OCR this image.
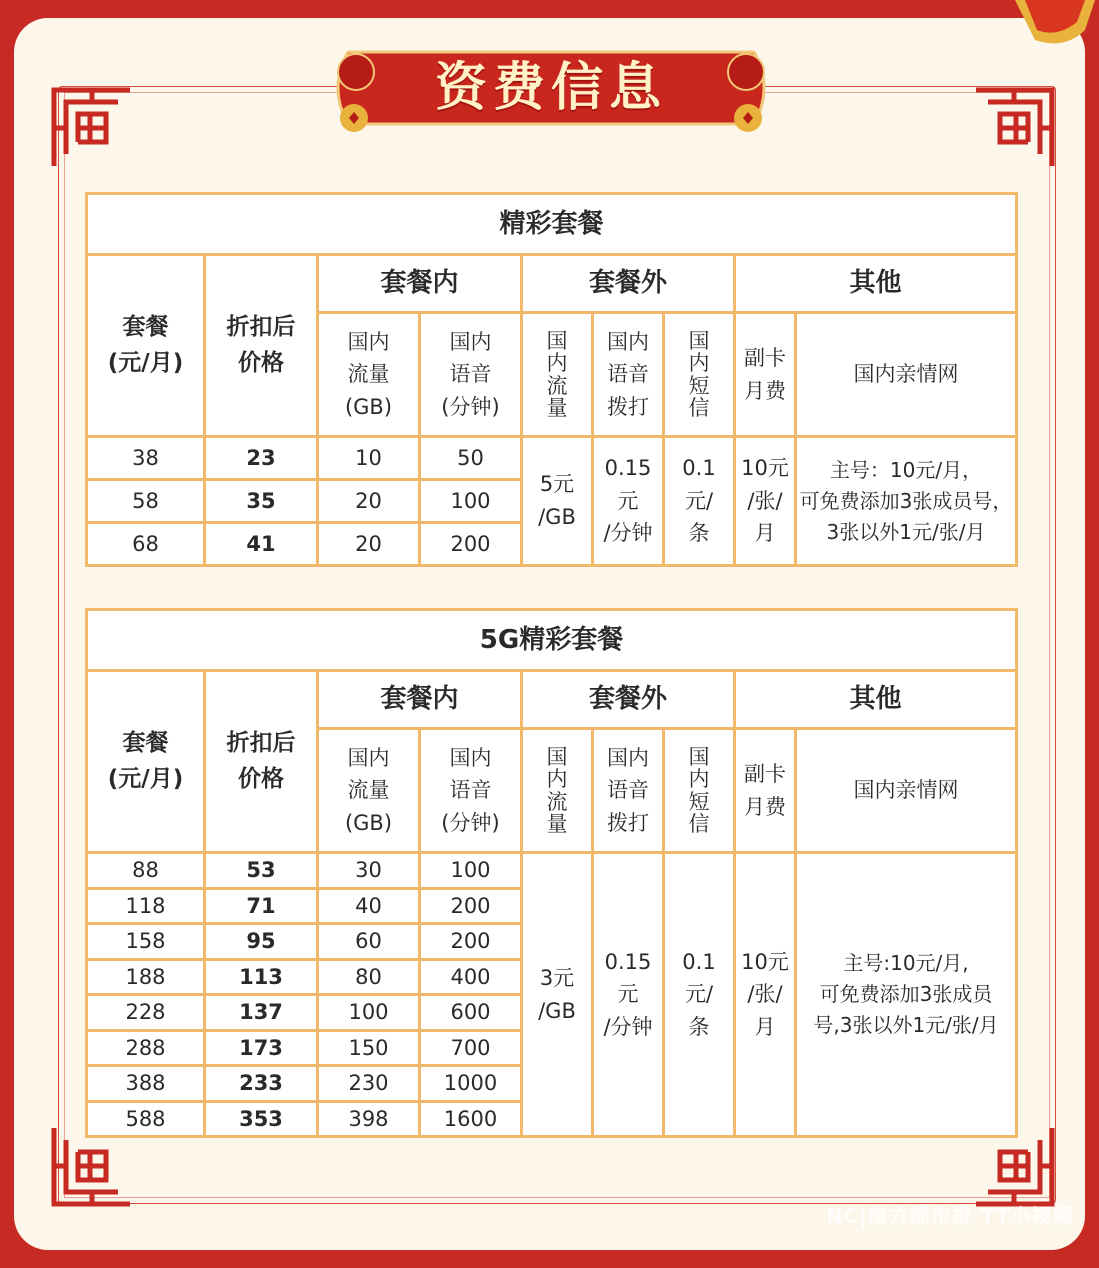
资费信息
精彩套餐								
套餐
(元/月)	折扣后
价格	套餐内		套餐外			其他	
		国内
流量
(GB)	国内
语音
(分钟)	国
内
流
量	国内
语音
拨打	国
内
短
信	副卡
月费	国内亲情网
38	23	10	50	5元
/GB	0.15
元
/分钟	0.1
元/
条	10元
/张/
月	主号：10元/月，
可免费添加3张成员号，
3张以外1元/张/月
58	35	20	100					
68	41	20	200					
5G精彩套餐								
套餐
(元/月)	折扣后
价格	套餐内		套餐外			其他	
		国内
流量
(GB)	国内
语音
(分钟)	国
内
流
量	国内
语音
拨打	国
内
短
信	副卡
月费	国内亲情网
88	53	30	100	3元
/GB	0.15
元
/分钟	0.1
元/
条	10元
/张/
月	主号:10元/月,
可免费添加3张成员
号,3张以外1元/张/月
118	71	40	200					
158	95	60	200					
188	113	80	400					
228	137	100	600					
288	173	150	700					
388	233	230	1000					
588	353	398	1600					
NC|南方都市报 TT小视频
